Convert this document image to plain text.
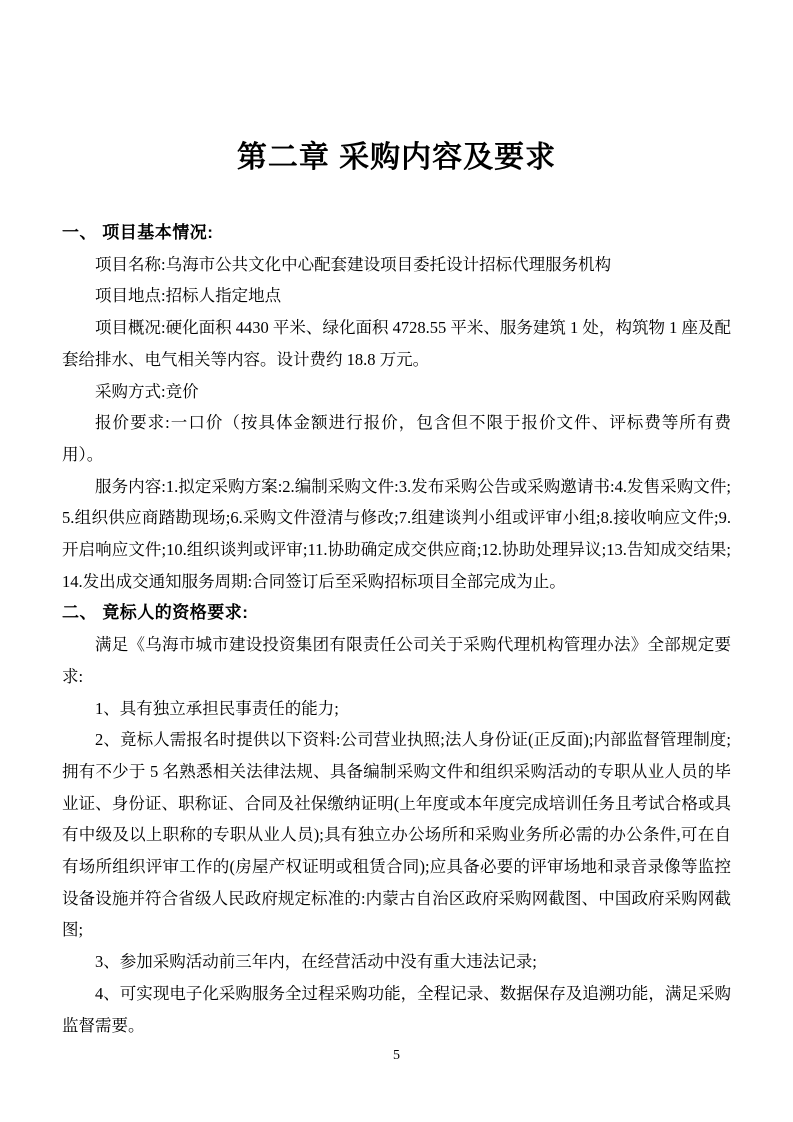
第二章 采购内容及要求

一、 项目基本情况:

项目名称:乌海市公共文化中心配套建设项目委托设计招标代理服务机构

项目地点:招标人指定地点

项目概况:硬化面积 4430 平米、绿化面积 4728.55 平米、服务建筑 1 处，构筑物 1 座及配套给排水、电气相关等内容。设计费约 18.8 万元。

采购方式:竞价

报价要求:一口价（按具体金额进行报价，包含但不限于报价文件、评标费等所有费用）。

服务内容:1.拟定采购方案:2.编制采购文件:3.发布采购公告或采购邀请书:4.发售采购文件;5.组织供应商踏勘现场;6.采购文件澄清与修改;7.组建谈判小组或评审小组;8.接收响应文件;9.开启响应文件;10.组织谈判或评审;11.协助确定成交供应商;12.协助处理异议;13.告知成交结果;14.发出成交通知服务周期:合同签订后至采购招标项目全部完成为止。

二、 竟标人的资格要求:

满足《乌海市城市建设投资集团有限责任公司关于采购代理机构管理办法》全部规定要求:

1、具有独立承担民事责任的能力;

2、竟标人需报名时提供以下资料:公司营业执照;法人身份证(正反面);内部监督管理制度;拥有不少于 5 名熟悉相关法律法规、具备编制采购文件和组织采购活动的专职从业人员的毕业证、身份证、职称证、合同及社保缴纳证明(上年度或本年度完成培训任务且考试合格或具有中级及以上职称的专职从业人员);具有独立办公场所和采购业务所必需的办公条件,可在自有场所组织评审工作的(房屋产权证明或租赁合同);应具备必要的评审场地和录音录像等监控设备设施并符合省级人民政府规定标准的:内蒙古自治区政府采购网截图、中国政府采购网截图;

3、参加采购活动前三年内，在经营活动中没有重大违法记录;

4、可实现电子化采购服务全过程采购功能，全程记录、数据保存及追溯功能，满足采购监督需要。

5
